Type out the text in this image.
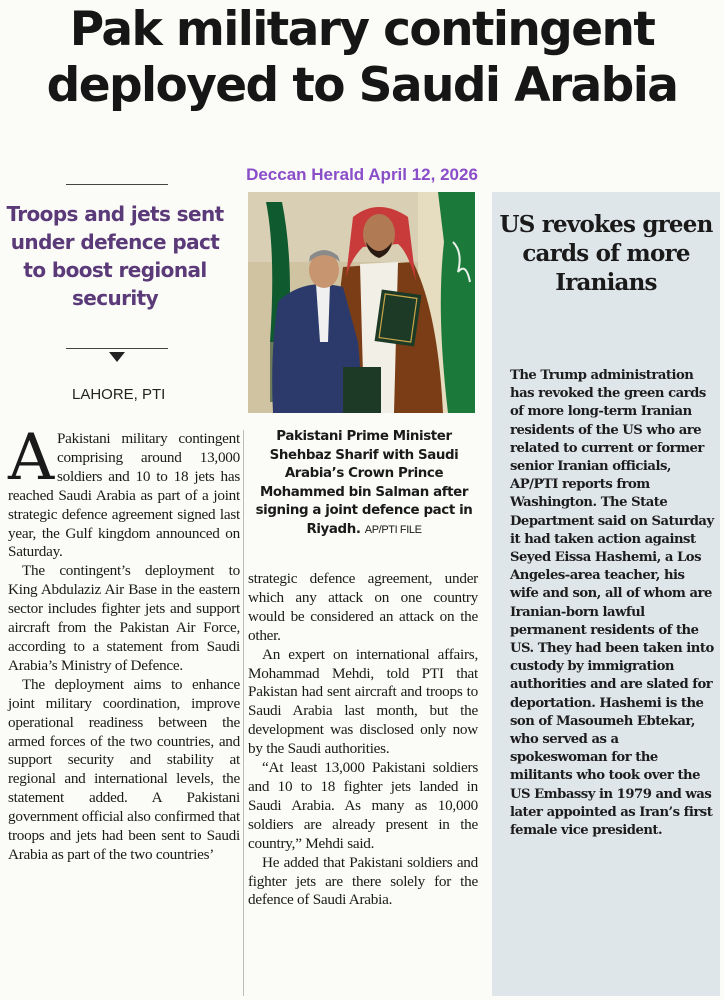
Pak military contingent
deployed to Saudi Arabia
Deccan Herald April 12, 2026
Troops and jets sent under defence pact to boost regional security
LAHORE, PTI

A Pakistani military contingent comprising around 13,000 soldiers and 10 to 18 jets has reached Saudi Arabia as part of a joint strategic defence agreement signed last year, the Gulf kingdom announced on Saturday.

The contingent’s deployment to King Abdulaziz Air Base in the eastern sector includes fighter jets and support aircraft from the Pakistan Air Force, according to a statement from Saudi Arabia’s Ministry of Defence.

The deployment aims to enhance joint military coordination, improve operational readiness between the armed forces of the two countries, and support security and stability at regional and international levels, the statement added. A Pakistani government official also confirmed that troops and jets had been sent to Saudi Arabia as part of the two countries’

Pakistani Prime Minister Shehbaz Sharif with Saudi Arabia’s Crown Prince Mohammed bin Salman after signing a joint defence pact in Riyadh. AP/PTI FILE

strategic defence agreement, under which any attack on one country would be considered an attack on the other.

An expert on international affairs, Mohammad Mehdi, told PTI that Pakistan had sent aircraft and troops to Saudi Arabia last month, but the development was disclosed only now by the Saudi authorities.

“At least 13,000 Pakistani soldiers and 10 to 18 fighter jets landed in Saudi Arabia. As many as 10,000 soldiers are already present in the country,” Mehdi said.

He added that Pakistani soldiers and fighter jets are there solely for the defence of Saudi Arabia.

US revokes green cards of more Iranians
The Trump administration has revoked the green cards of more long-term Iranian residents of the US who are related to current or former senior Iranian officials, AP/PTI reports from Washington. The State Department said on Saturday it had taken action against Seyed Eissa Hashemi, a Los Angeles-area teacher, his wife and son, all of whom are Iranian-born lawful permanent residents of the US. They had been taken into custody by immigration authorities and are slated for deportation. Hashemi is the son of Masoumeh Ebtekar, who served as a spokeswoman for the militants who took over the US Embassy in 1979 and was later appointed as Iran’s first female vice president.
